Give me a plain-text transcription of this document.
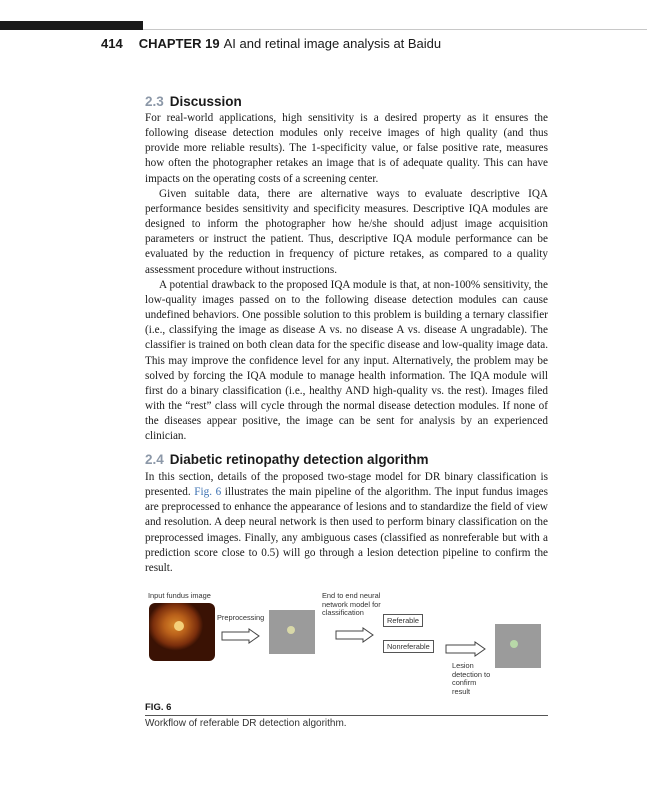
414 CHAPTER 19 AI and retinal image analysis at Baidu
2.3 Discussion

For real-world applications, high sensitivity is a desired property as it ensures the following disease detection modules only receive images of high quality (and thus provide more reliable results). The 1-specificity value, or false positive rate, measures how often the photographer retakes an image that is of adequate quality. This can have impacts on the operating costs of a screening center.

Given suitable data, there are alternative ways to evaluate descriptive IQA performance besides sensitivity and specificity measures. Descriptive IQA modules are designed to inform the photographer how he/she should adjust image acquisition parameters or instruct the patient. Thus, descriptive IQA module performance can be evaluated by the reduction in frequency of picture retakes, as compared to a quality assessment procedure without instructions.

A potential drawback to the proposed IQA module is that, at non-100% sensitivity, the low-quality images passed on to the following disease detection modules can cause undefined behaviors. One possible solution to this problem is building a ternary classifier (i.e., classifying the image as disease A vs. no disease A vs. disease A ungradable). The classifier is trained on both clean data for the specific disease and low-quality image data. This may improve the confidence level for any input. Alternatively, the problem may be solved by forcing the IQA module to manage health information. The IQA module will first do a binary classification (i.e., healthy AND high-quality vs. the rest). Images filed with the “rest” class will cycle through the normal disease detection modules. If none of the diseases appear positive, the image can be sent for analysis by an experienced clinician.

2.4 Diabetic retinopathy detection algorithm

In this section, details of the proposed two-stage model for DR binary classification is presented. Fig. 6 illustrates the main pipeline of the algorithm. The input fundus images are preprocessed to enhance the appearance of lesions and to standardize the field of view and resolution. A deep neural network is then used to perform binary classification on the preprocessed images. Finally, any ambiguous cases (classified as nonreferable but with a prediction score close to 0.5) will go through a lesion detection pipeline to confirm the result.

Input fundus image
Preprocessing
End to end neural network model for classification
Referable
Nonreferable
Lesion detection to confirm result
FIG. 6
Workflow of referable DR detection algorithm.
